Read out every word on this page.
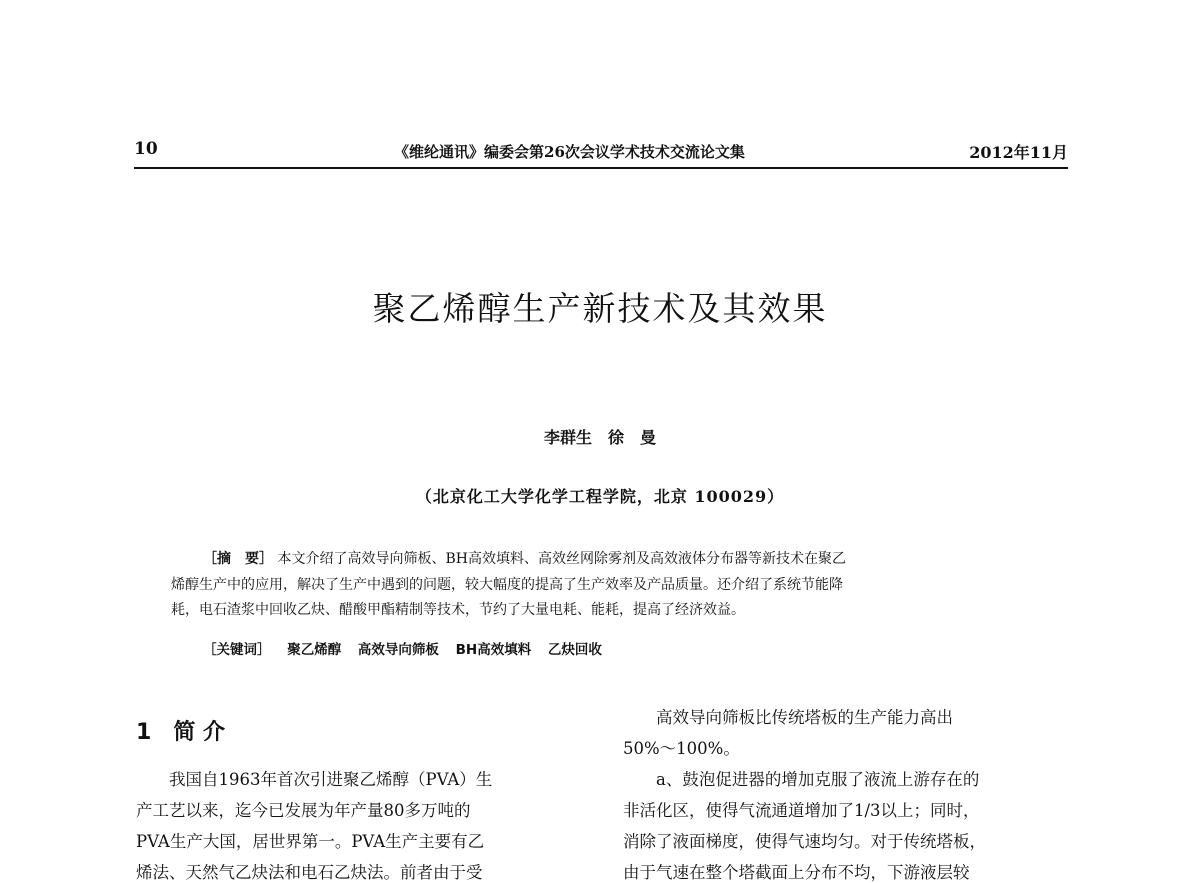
10	《维纶通讯》编委会第26次会议学术技术交流论文集	2012年11月
聚乙烯醇生产新技术及其效果
李群生　徐　曼
（北京化工大学化学工程学院，北京 100029）
［摘　要］ 本文介绍了高效导向筛板、BH高效填料、高效丝网除雾剂及高效液体分布器等新技术在聚乙
烯醇生产中的应用，解决了生产中遇到的问题，较大幅度的提高了生产效率及产品质量。还介绍了系统节能降
耗，电石渣浆中回收乙炔、醋酸甲酯精制等技术，节约了大量电耗、能耗，提高了经济效益。
［关键词］ 聚乙烯醇 高效导向筛板 BH高效填料 乙炔回收
1 简 介
我国自1963年首次引进聚乙烯醇（PVA）生
产工艺以来，迄今已发展为年产量80多万吨的
PVA生产大国，居世界第一。PVA生产主要有乙
烯法、天然气乙炔法和电石乙炔法。前者由于受
高效导向筛板比传统塔板的生产能力高出
50%～100%。
a、鼓泡促进器的增加克服了液流上游存在的
非活化区，使得气流通道增加了1/3以上；同时，
消除了液面梯度，使得气速均匀。对于传统塔板，
由于气速在整个塔截面上分布不均，下游液层较
